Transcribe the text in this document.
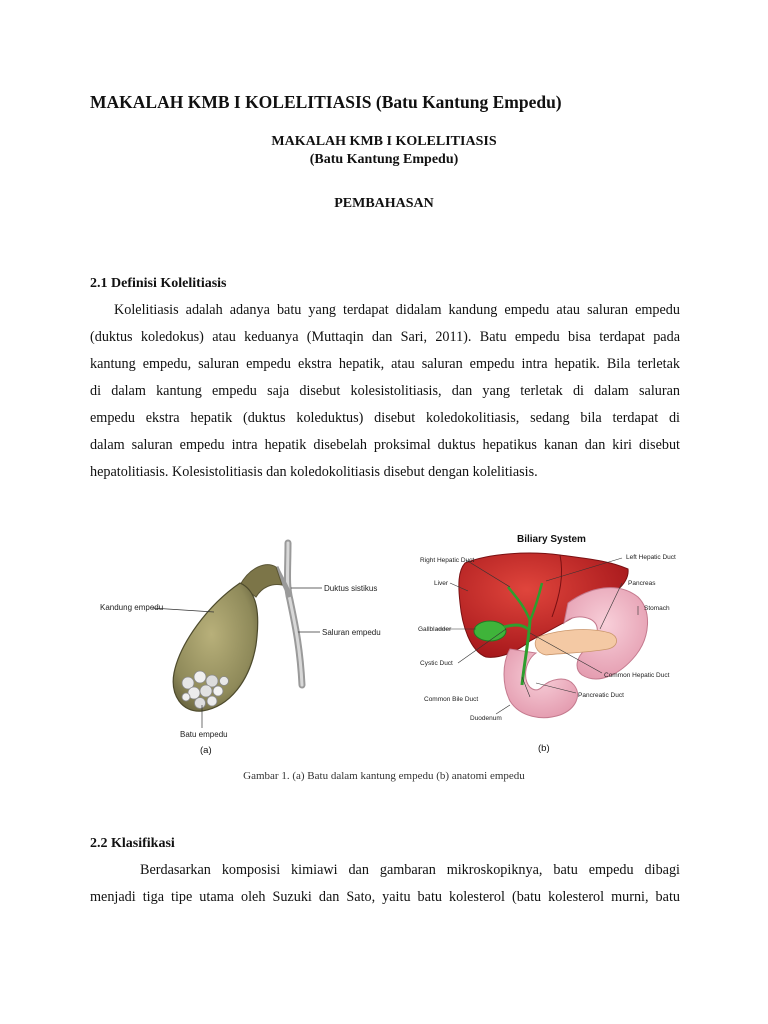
MAKALAH KMB I KOLELITIASIS (Batu Kantung Empedu)
MAKALAH KMB I KOLELITIASIS
(Batu Kantung Empedu)
PEMBAHASAN
2.1 Definisi Kolelitiasis
Kolelitiasis adalah adanya batu yang terdapat didalam kandung empedu atau saluran empedu
(duktus koledokus) atau keduanya (Muttaqin dan Sari, 2011). Batu empedu bisa terdapat pada
kantung empedu, saluran empedu ekstra hepatik, atau saluran empedu intra hepatik. Bila terletak
di dalam kantung empedu saja disebut kolesistolitiasis, dan yang terletak di dalam saluran
empedu ekstra hepatik (duktus koleduktus) disebut koledokolitiasis, sedang bila terdapat di
dalam saluran empedu intra hepatik disebelah proksimal duktus hepatikus kanan dan kiri disebut
hepatolitiasis. Kolesistolitiasis dan koledokolitiasis disebut dengan kolelitiasis.
Kandung empedu
Duktus sistikus
Saluran empedu
Batu empedu
(a)
Biliary System
Right Hepatic Duct	Left Hepatic Duct
Liver	Pancreas
Stomach
Gallbladder
Cystic Duct
Common Hepatic Duct
Common Bile Duct
Pancreatic Duct
Duodenum
(b)
Gambar 1. (a) Batu dalam kantung empedu (b) anatomi empedu
2.2 Klasifikasi
Berdasarkan komposisi kimiawi dan gambaran mikroskopiknya, batu empedu dibagi
menjadi tiga tipe utama oleh Suzuki dan Sato, yaitu batu kolesterol (batu kolesterol murni, batu
